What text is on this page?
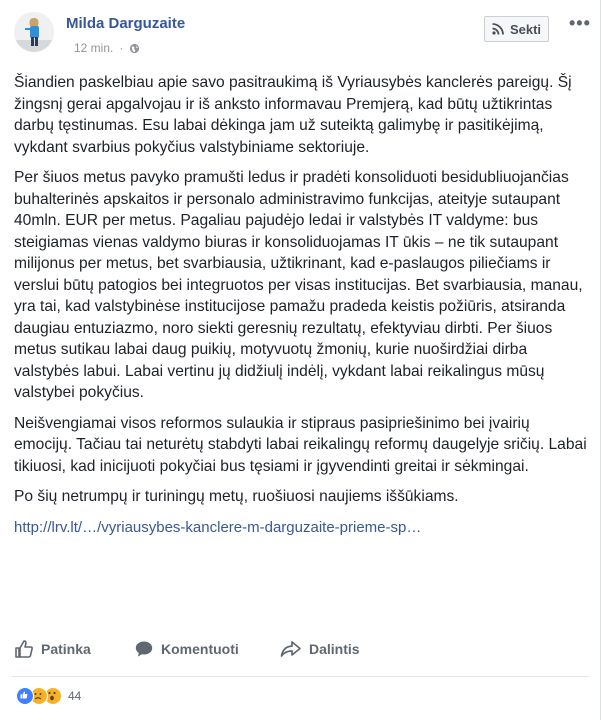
Milda Darguzaite
12 min. ·
Sekti •••

Šiandien paskelbiau apie savo pasitraukimą iš Vyriausybės kanclerės pareigų. Šį žingsnį gerai apgalvojau ir iš anksto informavau Premjerą, kad būtų užtikrintas darbų tęstinumas. Esu labai dėkinga jam už suteiktą galimybę ir pasitikėjimą, vykdant svarbius pokyčius valstybiniame sektoriuje.

Per šiuos metus pavyko pramušti ledus ir pradėti konsoliduoti besidubliuojančias buhalterinės apskaitos ir personalo administravimo funkcijas, ateityje sutaupant 40mln. EUR per metus. Pagaliau pajudėjo ledai ir valstybės IT valdyme: bus steigiamas vienas valdymo biuras ir konsoliduojamas IT ūkis – ne tik sutaupant milijonus per metus, bet svarbiausia, užtikrinant, kad e-paslaugos piliečiams ir verslui būtų patogios bei integruotos per visas institucijas. Bet svarbiausia, manau, yra tai, kad valstybinėse institucijose pamažu pradeda keistis požiūris, atsiranda daugiau entuziazmo, noro siekti geresnių rezultatų, efektyviau dirbti. Per šiuos metus sutikau labai daug puikių, motyvuotų žmonių, kurie nuoširdžiai dirba valstybės labui. Labai vertinu jų didžiulį indėlį, vykdant labai reikalingus mūsų valstybei pokyčius.

Neišvengiamai visos reformos sulaukia ir stipraus pasipriešinimo bei įvairių emocijų. Tačiau tai neturėtų stabdyti labai reikalingų reformų daugelyje sričių. Labai tikiuosi, kad inicijuoti pokyčiai bus tęsiami ir įgyvendinti greitai ir sėkmingai.

Po šių netrumpų ir turiningų metų, ruošiuosi naujiems iššūkiams.

http://lrv.lt/…/vyriausybes-kanclere-m-darguzaite-prieme-sp…

Patinka	Komentuoti	Dalintis
44
